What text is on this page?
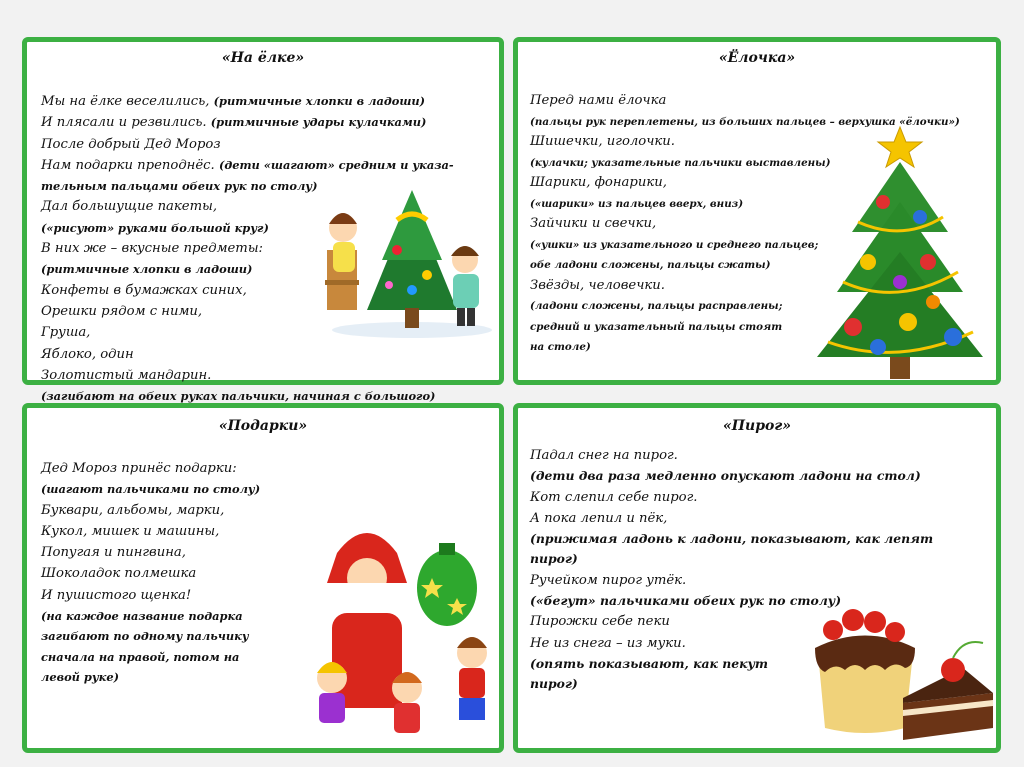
«На ёлке»
Мы на ёлке веселились, (ритмичные хлопки в ладоши)
И плясали и резвились. (ритмичные удары кулачками)
После добрый Дед Мороз
Нам подарки преподнёс. (дети «шагают» средним и указа-
тельным пальцами обеих рук по столу)
Дал большущие пакеты,
(«рисуют» руками большой круг)
В них же – вкусные предметы:
(ритмичные хлопки в ладоши)
Конфеты в бумажках синих,
Орешки рядом с ними,
Груша,
Яблоко, один
Золотистый мандарин.
(загибают на обеих руках пальчики, начиная с большого)
«Ёлочка»
Перед нами ёлочка
(пальцы рук переплетены, из больших пальцев – верхушка «ёлочки»)
Шишечки, иголочки.
(кулачки; указательные пальчики выставлены)
Шарики, фонарики,
(«шарики» из пальцев вверх, вниз)
Зайчики и свечки,
(«ушки» из указательного и среднего пальцев;
обе ладони сложены, пальцы сжаты)
Звёзды, человечки.
(ладони сложены, пальцы расправлены;
средний и указательный пальцы стоят
на столе)
«Подарки»
Дед Мороз принёс подарки:
(шагают пальчиками по столу)
Буквари, альбомы, марки,
Кукол, мишек и машины,
Попугая и пингвина,
Шоколадок полмешка
И пушистого щенка!
(на каждое название подарка
загибают по одному пальчику
сначала на правой, потом на
левой руке)
«Пирог»
Падал снег на пирог.
(дети два раза медленно опускают ладони на стол)
Кот слепил себе пирог.
А пока лепил и пёк,
(прижимая ладонь к ладони, показывают, как лепят
пирог)
Ручейком пирог утёк.
(«бегут» пальчиками обеих рук по столу)
Пирожки себе пеки
Не из снега – из муки.
(опять показывают, как пекут
пирог)
